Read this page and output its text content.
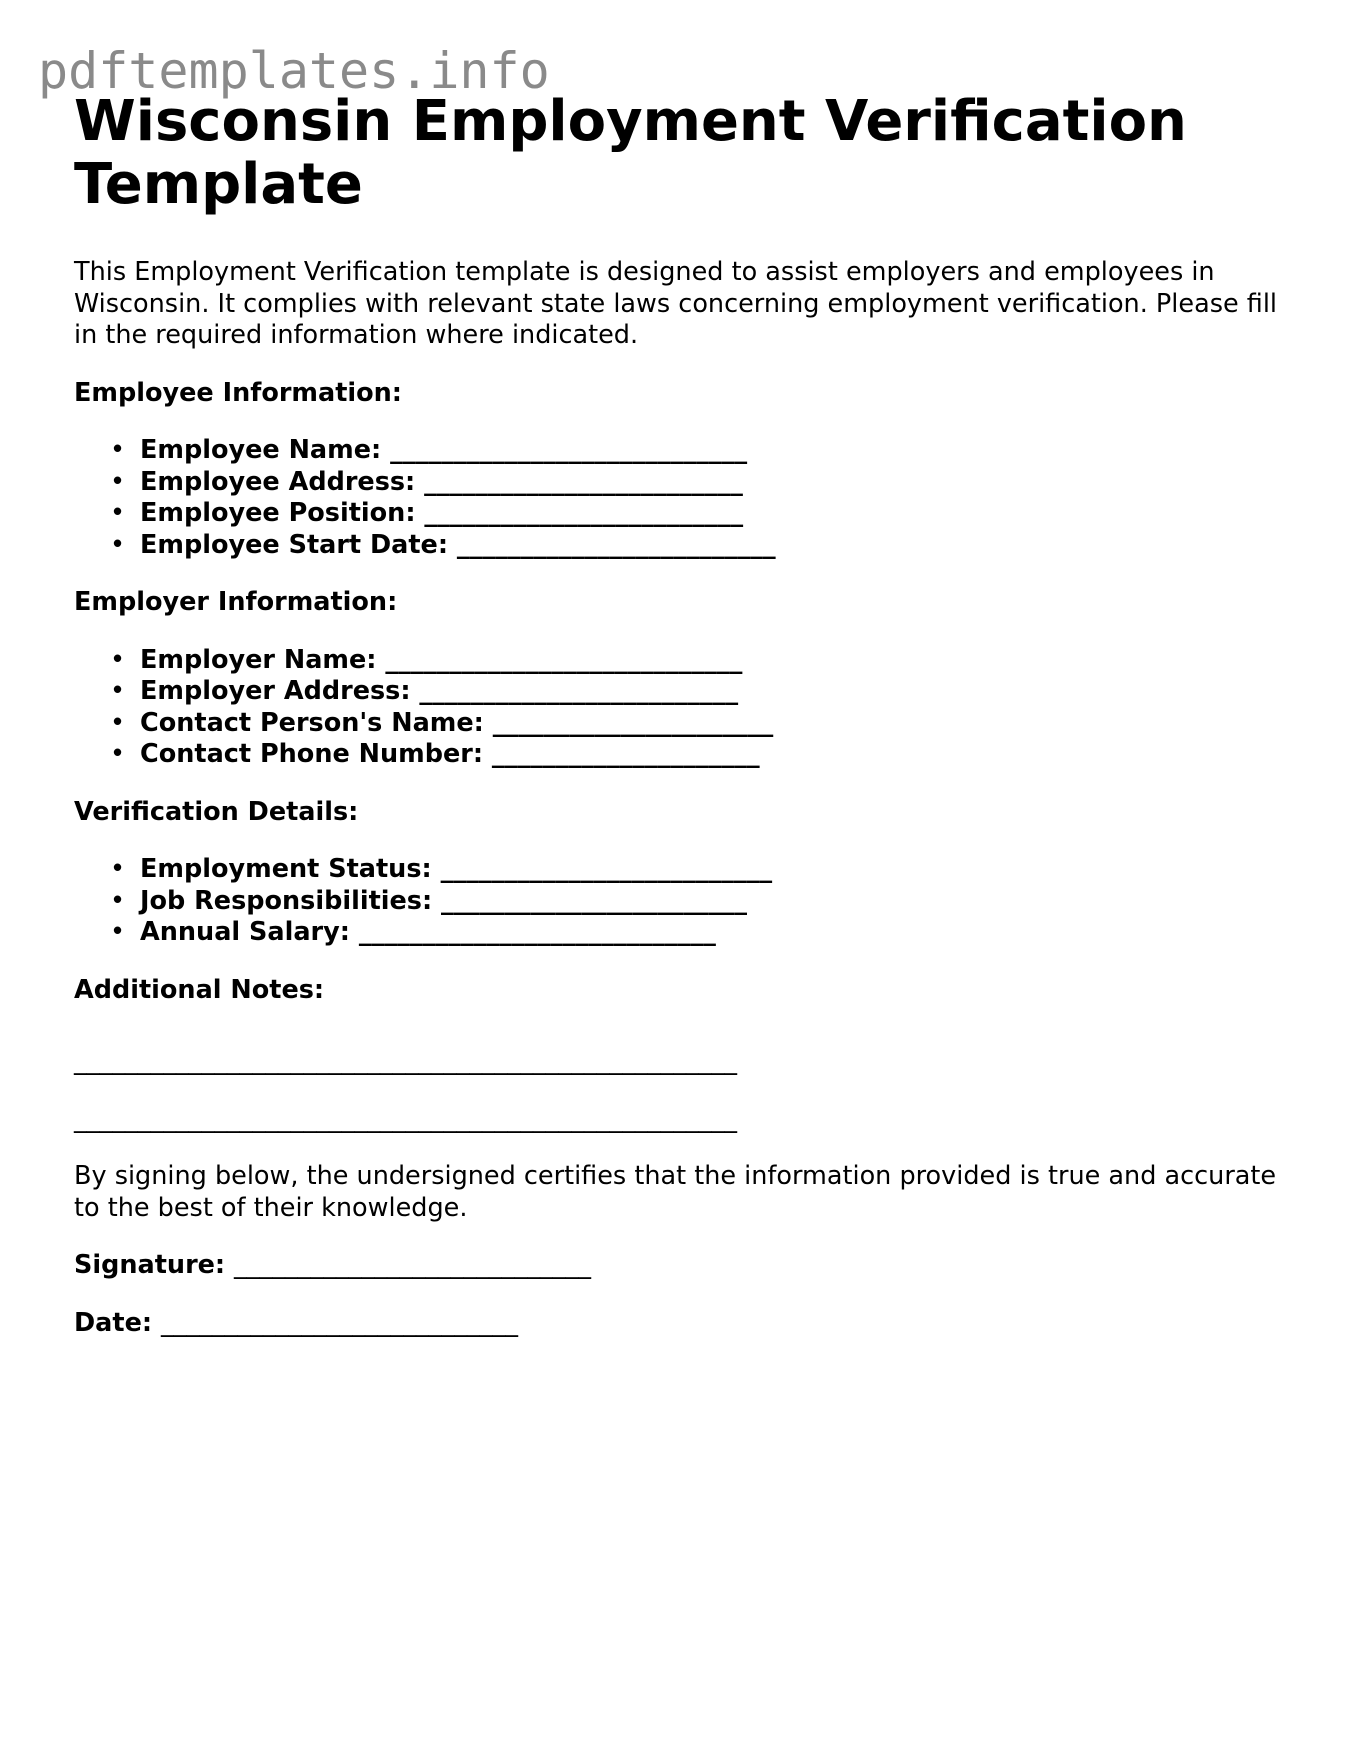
pdftemplates.info
Wisconsin Employment Verification Template

This Employment Verification template is designed to assist employers and employees in Wisconsin. It complies with relevant state laws concerning employment verification. Please fill in the required information where indicated.

Employee Information:

• Employee Name: ____________________________
• Employee Address: _________________________
• Employee Position: _________________________
• Employee Start Date: _________________________

Employer Information:

• Employer Name: ____________________________
• Employer Address: _________________________
• Contact Person's Name: ______________________
• Contact Phone Number: _____________________

Verification Details:

• Employment Status: __________________________
• Job Responsibilities: ________________________
• Annual Salary: ____________________________

Additional Notes:

____________________________________________________

____________________________________________________

By signing below, the undersigned certifies that the information provided is true and accurate to the best of their knowledge.

Signature: ____________________________

Date: ____________________________
